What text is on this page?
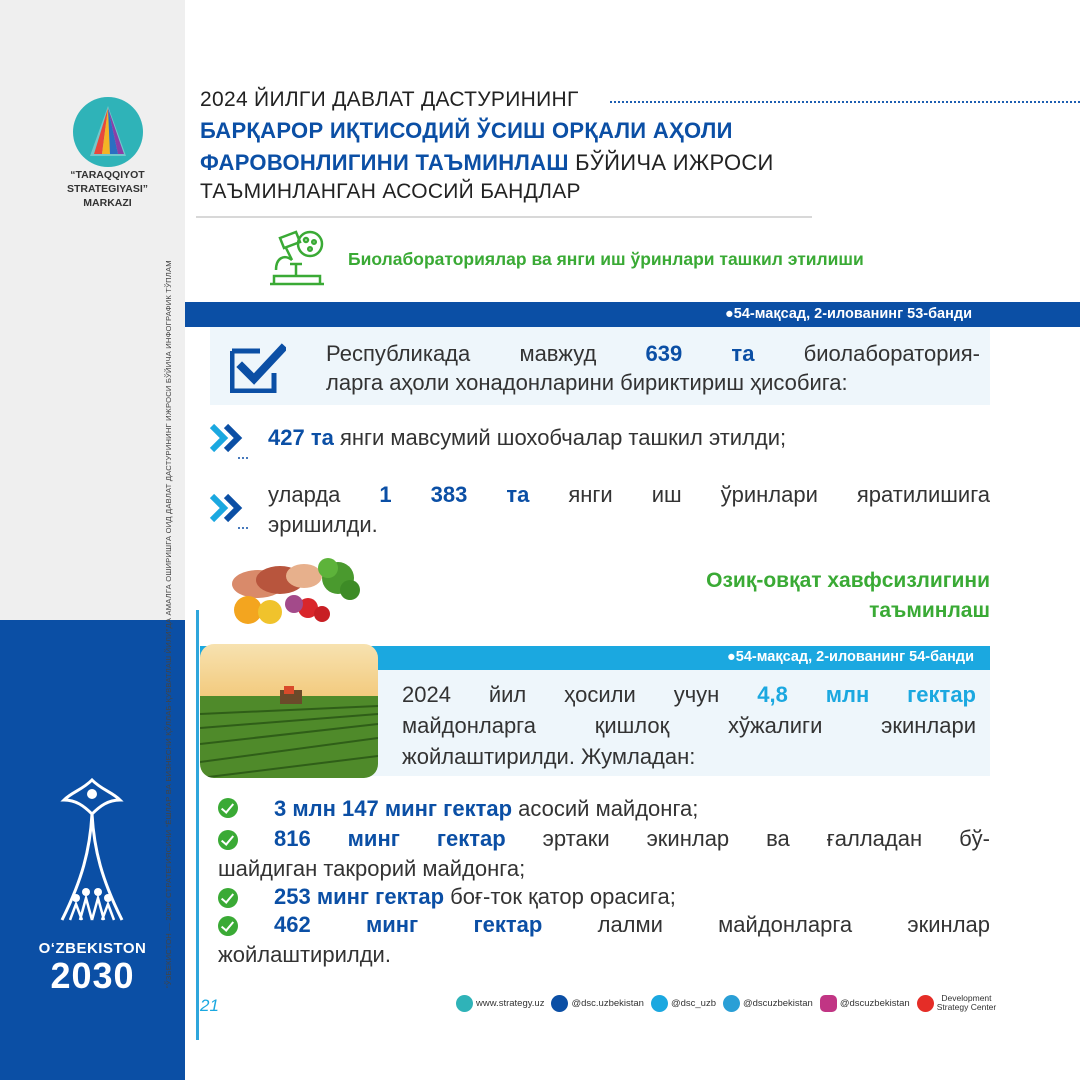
“TARAQQIYOT STRATEGIYASI”
MARKAZI
“ЎЗБЕКИСТОН — 2030” СТРАТЕГИЯСИНИ “ЁШЛАР ВА БИЗНЕСНИ ҚЎЛЛАБ-ҚУВВАТЛАШ ЙИЛИ”ДА АМАЛГА ОШИРИШГА ОИД ДАВЛАТ ДАСТУРИНИНГ ИЖРОСИ БЎЙИЧА ИНФОГРАФИК ТЎПЛАМ
O‘ZBEKISTON
2030
2024 ЙИЛГИ ДАВЛАТ ДАСТУРИНИНГ
БАРҚАРОР ИҚТИСОДИЙ ЎСИШ ОРҚАЛИ АҲОЛИ
ФАРОВОНЛИГИНИ ТАЪМИНЛАШ БЎЙИЧА ИЖРОСИ
ТАЪМИНЛАНГАН АСОСИЙ БАНДЛАР
Биолабораториялар ва янги иш ўринлари ташкил этилиши
●54-мақсад, 2-илованинг 53-банди
Республикада мавжуд 639 та биолаборатория-
ларга аҳоли хонадонларини бириктириш ҳисобига:
427 та янги мавсумий шохобчалар ташкил этилди;
уларда 1 383 та янги иш ўринлари яратилишига
эришилди.
Озиқ-овқат хавфсизлигини
таъминлаш
●54-мақсад, 2-илованинг 54-банди
2024 йил ҳосили учун 4,8 млн гектар
майдонларга қишлоқ хўжалиги экинлари
жойлаштирилди. Жумладан:
3 млн 147 минг гектар асосий майдонга;
816 минг гектар эртаки экинлар ва ғалладан бў-
шайдиган такрорий майдонга;
253 минг гектар боғ-ток қатор орасига;
462 минг гектар лалми майдонларга экинлар
жойлаштирилди.
21	www.strategy.uz	@dsc.uzbekistan	@dsc_uzb	@dscuzbekistan	@dscuzbekistan	Development
Strategy Center
